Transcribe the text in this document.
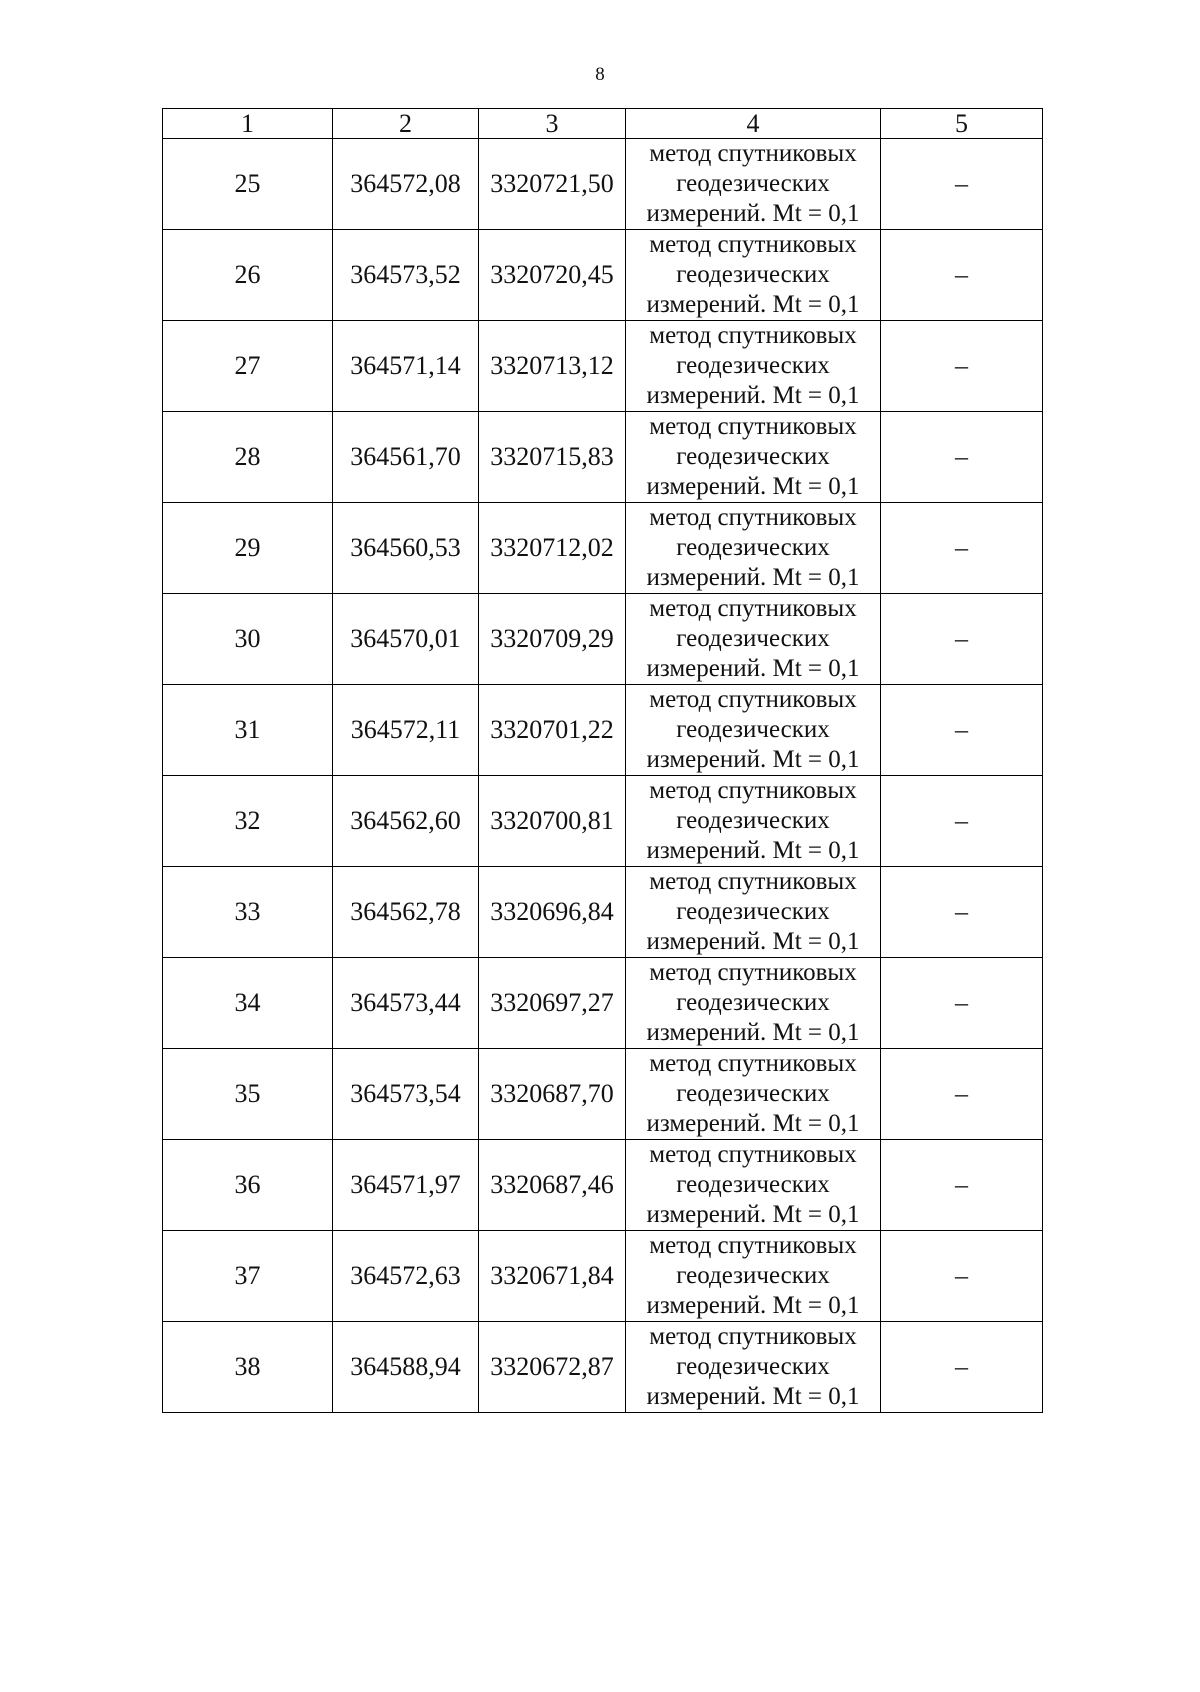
8
1	2	3	4	5
25	364572,08	3320721,50	метод спутниковых
геодезических
измерений. Mt = 0,1	–
26	364573,52	3320720,45	метод спутниковых
геодезических
измерений. Mt = 0,1	–
27	364571,14	3320713,12	метод спутниковых
геодезических
измерений. Mt = 0,1	–
28	364561,70	3320715,83	метод спутниковых
геодезических
измерений. Mt = 0,1	–
29	364560,53	3320712,02	метод спутниковых
геодезических
измерений. Mt = 0,1	–
30	364570,01	3320709,29	метод спутниковых
геодезических
измерений. Mt = 0,1	–
31	364572,11	3320701,22	метод спутниковых
геодезических
измерений. Mt = 0,1	–
32	364562,60	3320700,81	метод спутниковых
геодезических
измерений. Mt = 0,1	–
33	364562,78	3320696,84	метод спутниковых
геодезических
измерений. Mt = 0,1	–
34	364573,44	3320697,27	метод спутниковых
геодезических
измерений. Mt = 0,1	–
35	364573,54	3320687,70	метод спутниковых
геодезических
измерений. Mt = 0,1	–
36	364571,97	3320687,46	метод спутниковых
геодезических
измерений. Mt = 0,1	–
37	364572,63	3320671,84	метод спутниковых
геодезических
измерений. Mt = 0,1	–
38	364588,94	3320672,87	метод спутниковых
геодезических
измерений. Mt = 0,1	–
